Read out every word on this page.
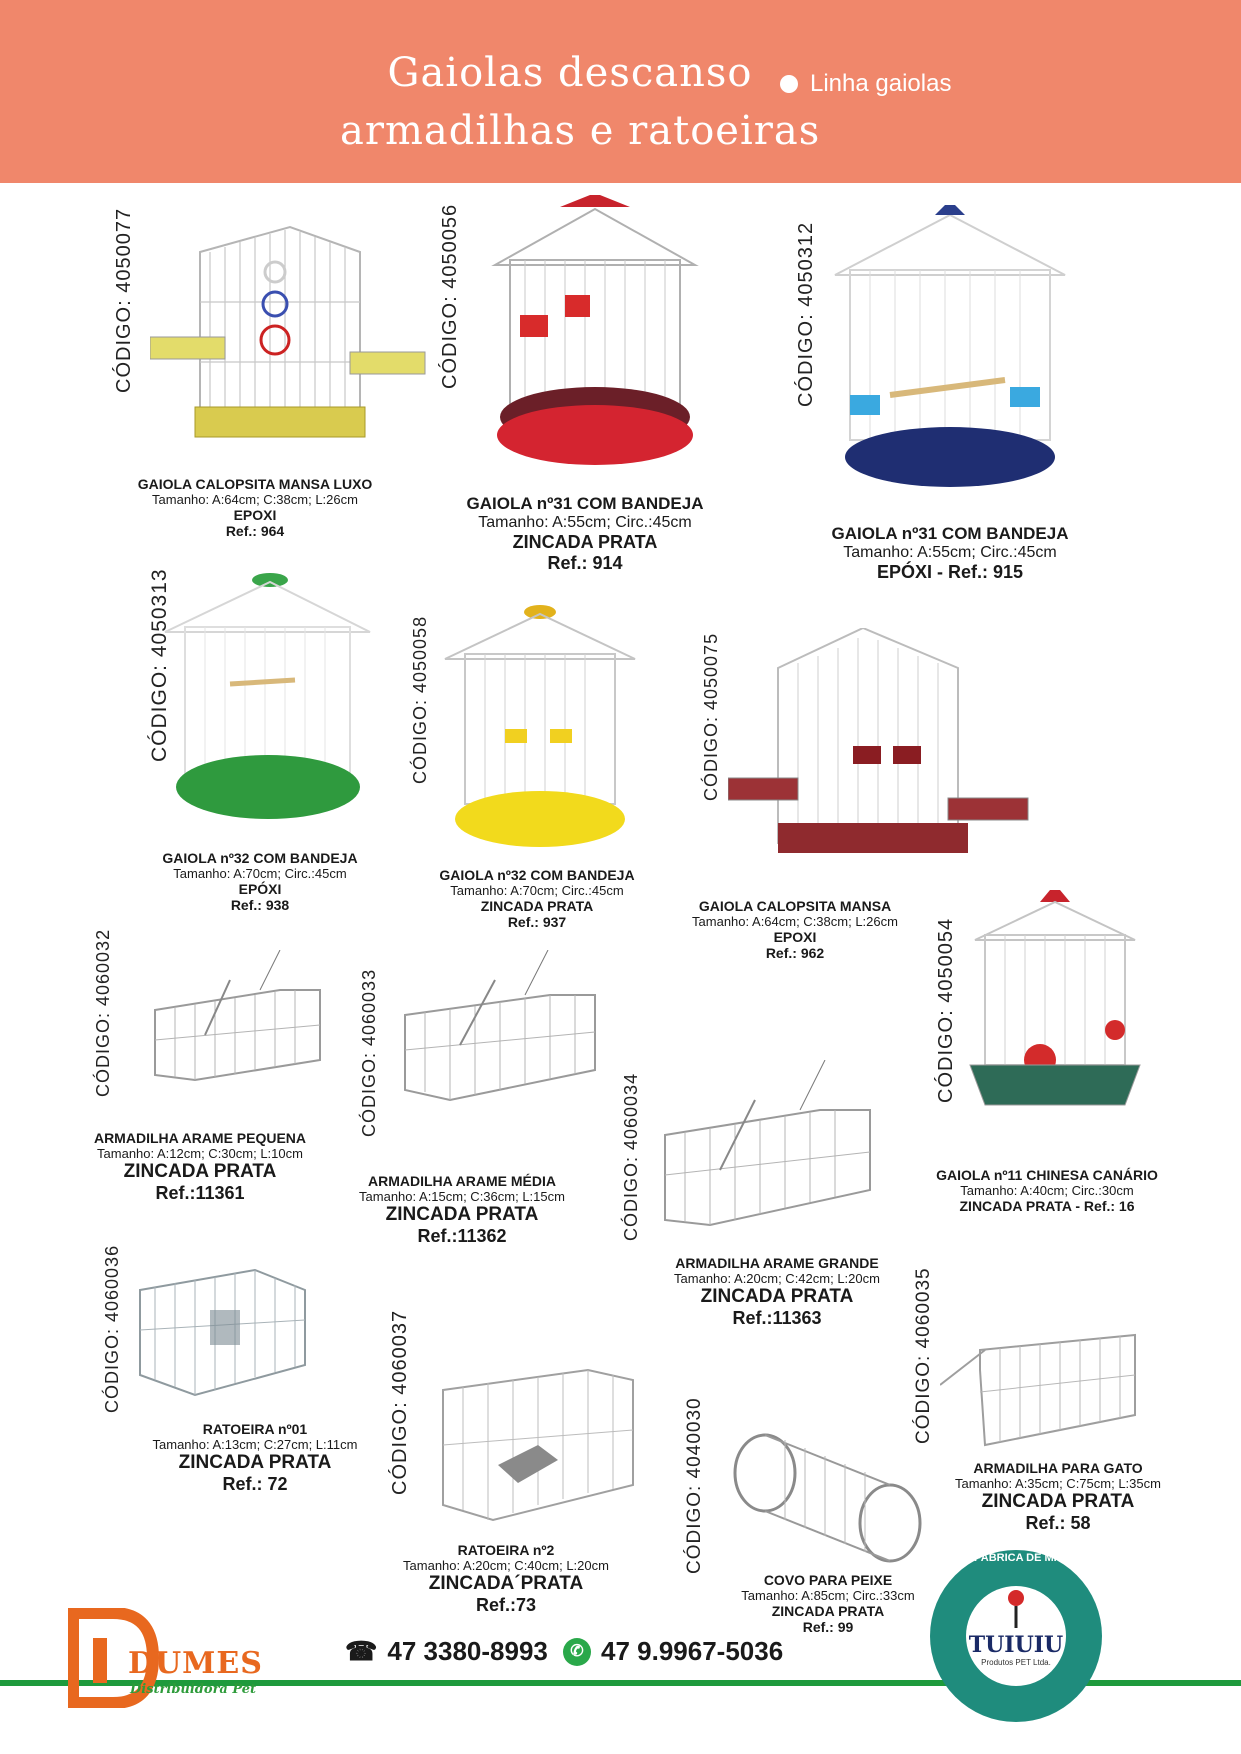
Gaiolas descanso
armadilhas e ratoeiras
Linha gaiolas
CÓDIGO: 4050077	CÓDIGO: 4050056	CÓDIGO: 4050312
CÓDIGO: 4050313	CÓDIGO: 4050058	CÓDIGO: 4050075
CÓDIGO: 4050054
CÓDIGO: 4060032	CÓDIGO: 4060033
CÓDIGO: 4060034
CÓDIGO: 4060036	CÓDIGO: 4060037	CÓDIGO: 4040030
CÓDIGO: 4060035
GAIOLA CALOPSITA MANSA LUXO
Tamanho: A:64cm; C:38cm; L:26cm
EPOXI
Ref.: 964
GAIOLA nº31 COM BANDEJA
Tamanho: A:55cm; Circ.:45cm
ZINCADA PRATA
Ref.: 914
GAIOLA nº31 COM BANDEJA
Tamanho: A:55cm; Circ.:45cm
EPÓXI - Ref.: 915
GAIOLA nº32 COM BANDEJA
Tamanho: A:70cm; Circ.:45cm
EPÓXI
Ref.: 938
GAIOLA nº32 COM BANDEJA
Tamanho: A:70cm; Circ.:45cm
ZINCADA PRATA
Ref.: 937
GAIOLA CALOPSITA MANSA
Tamanho: A:64cm; C:38cm; L:26cm
EPOXI
Ref.: 962
GAIOLA nº11 CHINESA CANÁRIO
Tamanho: A:40cm; Circ.:30cm
ZINCADA PRATA - Ref.: 16
ARMADILHA ARAME PEQUENA
Tamanho: A:12cm; C:30cm; L:10cm
ZINCADA PRATA
Ref.:11361
ARMADILHA ARAME MÉDIA
Tamanho: A:15cm; C:36cm; L:15cm
ZINCADA PRATA
Ref.:11362
ARMADILHA ARAME GRANDE
Tamanho: A:20cm; C:42cm; L:20cm
ZINCADA PRATA
Ref.:11363
RATOEIRA nº01
Tamanho: A:13cm; C:27cm; L:11cm
ZINCADA PRATA
Ref.: 72
RATOEIRA nº2
Tamanho: A:20cm; C:40cm; L:20cm
ZINCADA´PRATA
Ref.:73
COVO PARA PEIXE
Tamanho: A:85cm; Circ.:33cm
ZINCADA PRATA
Ref.: 99
ARMADILHA PARA GATO
Tamanho: A:35cm; C:75cm; L:35cm
ZINCADA PRATA
Ref.: 58
DUMES
Distribuidora Pet
☎ 47 3380-8993	✆ 47 9.9967-5036
SOMOS FÁBRICA DE MISTURAS
TUIUIU
Produtos PET Ltda.
